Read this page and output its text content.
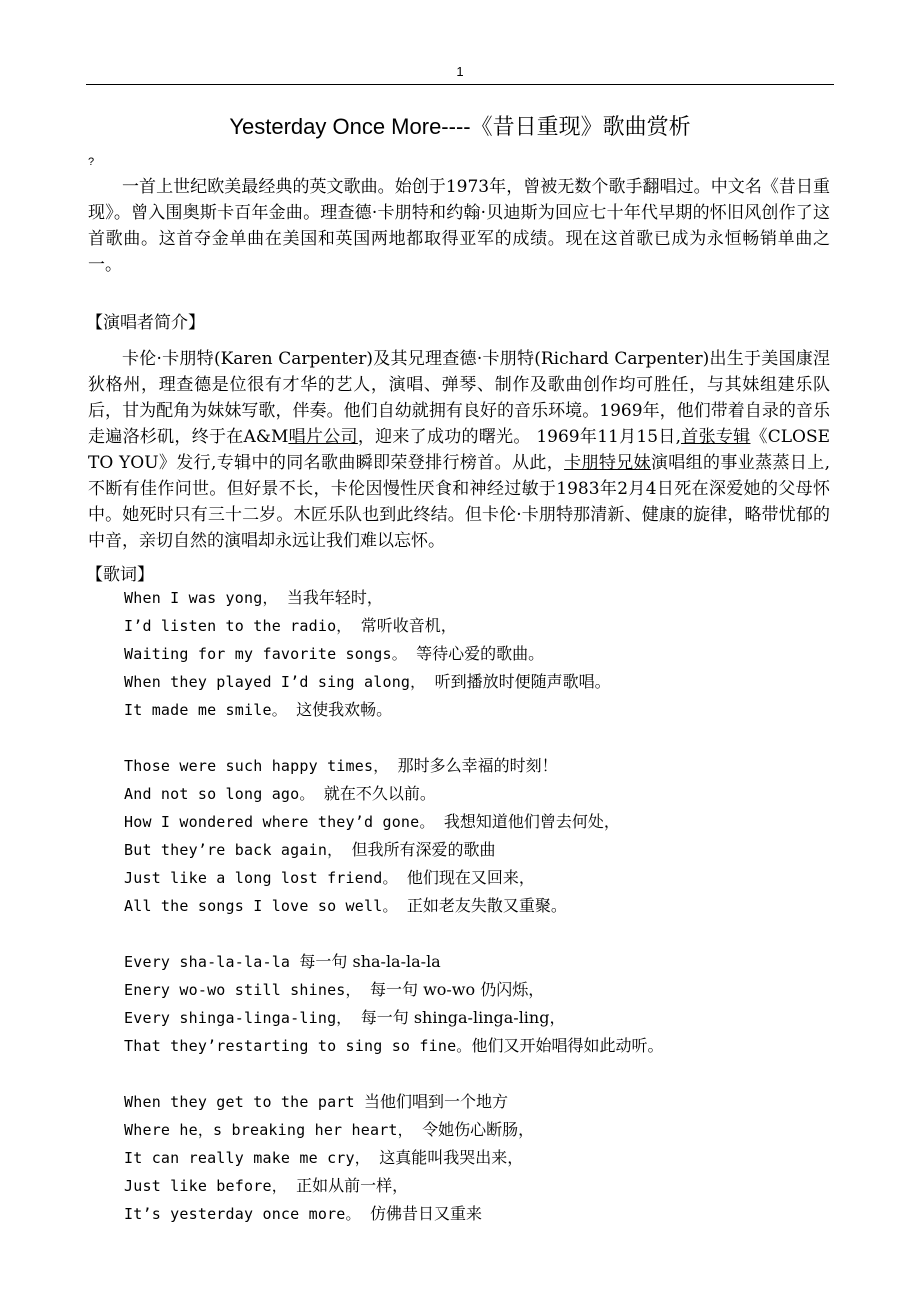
1
Yesterday Once More----《昔日重现》歌曲赏析
?

一首上世纪欧美最经典的英文歌曲。始创于1973年，曾被无数个歌手翻唱过。中文名《昔日重现》。曾入围奥斯卡百年金曲。理查德·卡朋特和约翰·贝迪斯为回应七十年代早期的怀旧风创作了这首歌曲。这首夺金单曲在美国和英国两地都取得亚军的成绩。现在这首歌已成为永恒畅销单曲之一。

【演唱者简介】

卡伦·卡朋特(Karen Carpenter)及其兄理查德·卡朋特(Richard Carpenter)出生于美国康涅狄格州，理查德是位很有才华的艺人，演唱、弹琴、制作及歌曲创作均可胜任，与其妹组建乐队后，甘为配角为妹妹写歌，伴奏。他们自幼就拥有良好的音乐环境。1969年，他们带着自录的音乐走遍洛杉矶，终于在A&M唱片公司，迎来了成功的曙光。 1969年11月15日,首张专辑《CLOSE TO YOU》发行,专辑中的同名歌曲瞬即荣登排行榜首。从此，卡朋特兄妹演唱组的事业蒸蒸日上,不断有佳作问世。但好景不长，卡伦因慢性厌食和神经过敏于1983年2月4日死在深爱她的父母怀中。她死时只有三十二岁。木匠乐队也到此终结。但卡伦·卡朋特那清新、健康的旋律，略带忧郁的中音，亲切自然的演唱却永远让我们难以忘怀。

【歌词】

When I was yong， 当我年轻时，
I’d listen to the radio， 常听收音机，
Waiting for my favorite songs。 等待心爱的歌曲。
When they played I’d sing along， 听到播放时便随声歌唱。
It made me smile。 这使我欢畅。
Those were such happy times， 那时多么幸福的时刻！
And not so long ago。 就在不久以前。
How I wondered where they’d gone。 我想知道他们曾去何处，
But they’re back again， 但我所有深爱的歌曲
Just like a long lost friend。 他们现在又回来，
All the songs I love so well。 正如老友失散又重聚。
Every sha-la-la-la 每一句 sha-la-la-la
Enery wo-wo still shines， 每一句 wo-wo 仍闪烁，
Every shinga-linga-ling， 每一句 shinga-linga-ling，
That they’restarting to sing so fine。他们又开始唱得如此动听。
When they get to the part 当他们唱到一个地方
Where he，s breaking her heart， 令她伤心断肠，
It can really make me cry， 这真能叫我哭出来，
Just like before， 正如从前一样，
It’s yesterday once more。 仿佛昔日又重来
